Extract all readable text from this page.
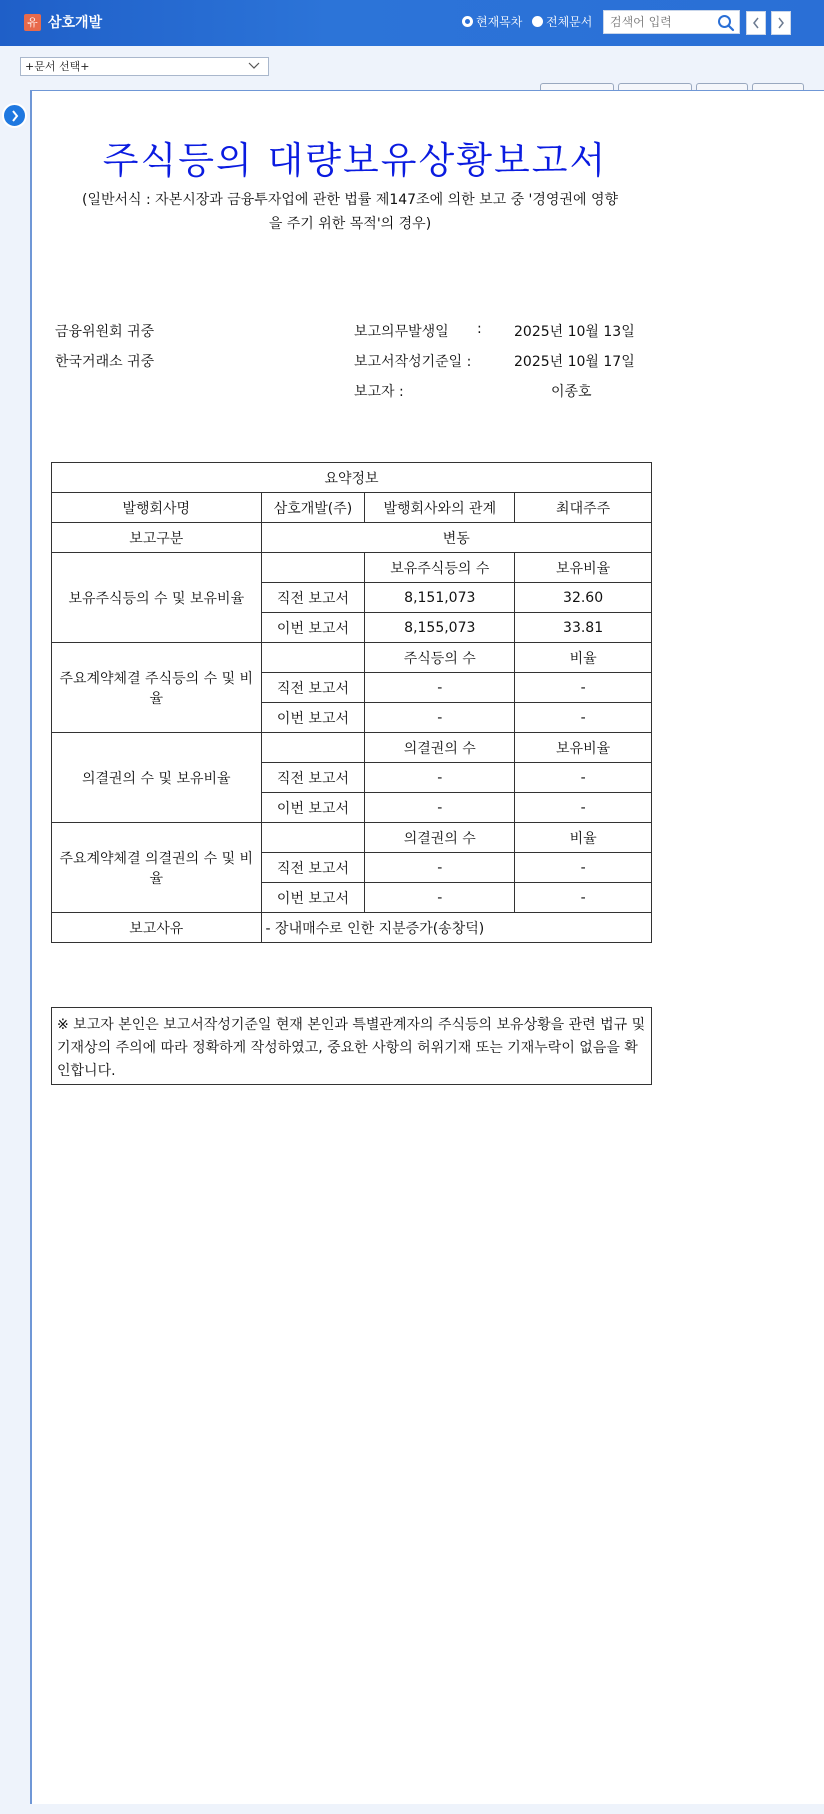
유 삼호개발	현재목차 전체문서
검색어 입력
+문서 선택+
주식등의 대량보유상황보고서
(일반서식 : 자본시장과 금융투자업에 관한 법률 제147조에 의한 보고 중 '경영권에 영향
을 주기 위한 목적'의 경우)
금융위원회 귀중
한국거래소 귀중
보고의무발생일 : 2025년 10월 13일
보고서작성기준일 :	2025년 10월 17일
보고자 :	이종호
요약정보			
발행회사명	삼호개발(주)	발행회사와의 관계	최대주주
보고구분	변동		
보유주식등의 수 및 보유비율		보유주식등의 수	보유비율
	직전 보고서	8,151,073	32.60
	이번 보고서	8,155,073	33.81
주요계약체결 주식등의 수 및 비율		주식등의 수	비율
	직전 보고서	-	-
	이번 보고서	-	-
의결권의 수 및 보유비율		의결권의 수	보유비율
	직전 보고서	-	-
	이번 보고서	-	-
주요계약체결 의결권의 수 및 비율		의결권의 수	비율
	직전 보고서	-	-
	이번 보고서	-	-
보고사유	- 장내매수로 인한 지분증가(송창덕)		
※ 보고자 본인은 보고서작성기준일 현재 본인과 특별관계자의 주식등의 보유상황을 관련 법규 및 기재상의 주의에 따라 정확하게 작성하였고, 중요한 사항의 허위기재 또는 기재누락이 없음을 확인합니다.
